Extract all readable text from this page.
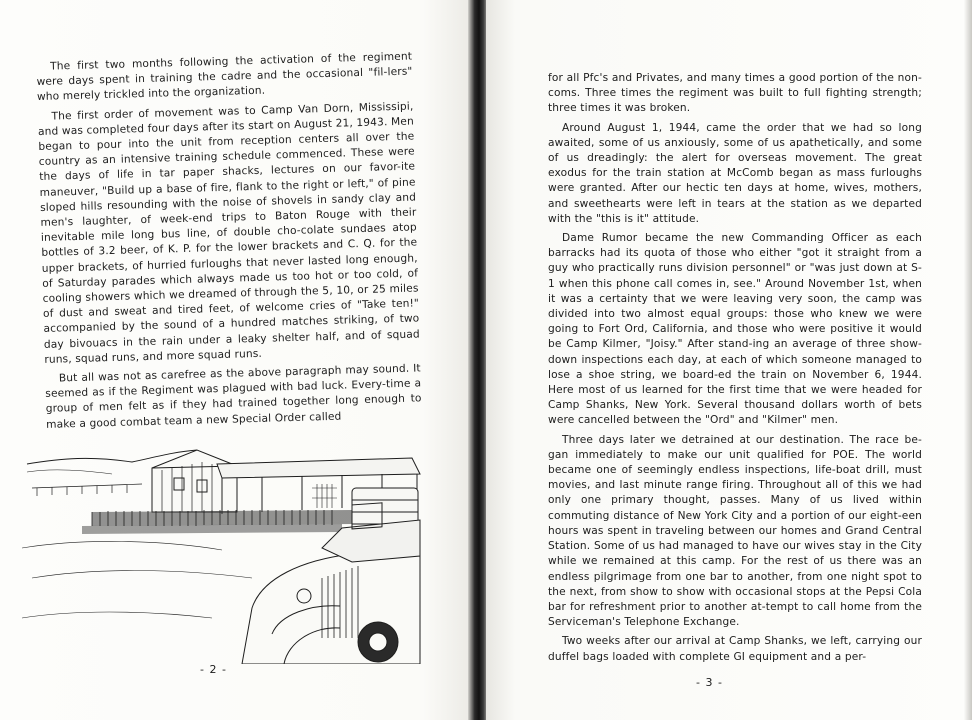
The first two months following the activation of the regiment were days spent in training the cadre and the occasional "fil-lers" who merely trickled into the organization.

The first order of movement was to Camp Van Dorn, Mississipi, and was completed four days after its start on August 21, 1943. Men began to pour into the unit from reception centers all over the country as an intensive training schedule commenced. These were the days of life in tar paper shacks, lectures on our favor-ite maneuver, "Build up a base of fire, flank to the right or left," of pine sloped hills resounding with the noise of shovels in sandy clay and men's laughter, of week-end trips to Baton Rouge with their inevitable mile long bus line, of double cho-colate sundaes atop bottles of 3.2 beer, of K. P. for the lower brackets and C. Q. for the upper brackets, of hurried furloughs that never lasted long enough, of Saturday parades which always made us too hot or too cold, of cooling showers which we dreamed of through the 5, 10, or 25 miles of dust and sweat and tired feet, of welcome cries of "Take ten!" accompanied by the sound of a hundred matches striking, of two day bivouacs in the rain under a leaky shelter half, and of squad runs, squad runs, and more squad runs.

But all was not as carefree as the above paragraph may sound. It seemed as if the Regiment was plagued with bad luck. Every-time a group of men felt as if they had trained together long enough to make a good combat team a new Special Order called

- 2 -

for all Pfc's and Privates, and many times a good portion of the non-coms. Three times the regiment was built to full fighting strength; three times it was broken.

Around August 1, 1944, came the order that we had so long awaited, some of us anxiously, some of us apathetically, and some of us dreadingly: the alert for overseas movement. The great exodus for the train station at McComb began as mass furloughs were granted. After our hectic ten days at home, wives, mothers, and sweethearts were left in tears at the station as we departed with the "this is it" attitude.

Dame Rumor became the new Commanding Officer as each barracks had its quota of those who either "got it straight from a guy who practically runs division personnel" or "was just down at S-1 when this phone call comes in, see." Around November 1st, when it was a certainty that we were leaving very soon, the camp was divided into two almost equal groups: those who knew we were going to Fort Ord, California, and those who were positive it would be Camp Kilmer, "Joisy." After stand-ing an average of three show-down inspections each day, at each of which someone managed to lose a shoe string, we board-ed the train on November 6, 1944. Here most of us learned for the first time that we were headed for Camp Shanks, New York. Several thousand dollars worth of bets were cancelled between the "Ord" and "Kilmer" men.

Three days later we detrained at our destination. The race be-gan immediately to make our unit qualified for POE. The world became one of seemingly endless inspections, life-boat drill, must movies, and last minute range firing. Throughout all of this we had only one primary thought, passes. Many of us lived within commuting distance of New York City and a portion of our eight-een hours was spent in traveling between our homes and Grand Central Station. Some of us had managed to have our wives stay in the City while we remained at this camp. For the rest of us there was an endless pilgrimage from one bar to another, from one night spot to the next, from show to show with occasional stops at the Pepsi Cola bar for refreshment prior to another at-tempt to call home from the Serviceman's Telephone Exchange.

Two weeks after our arrival at Camp Shanks, we left, carrying our duffel bags loaded with complete GI equipment and a per-

- 3 -
